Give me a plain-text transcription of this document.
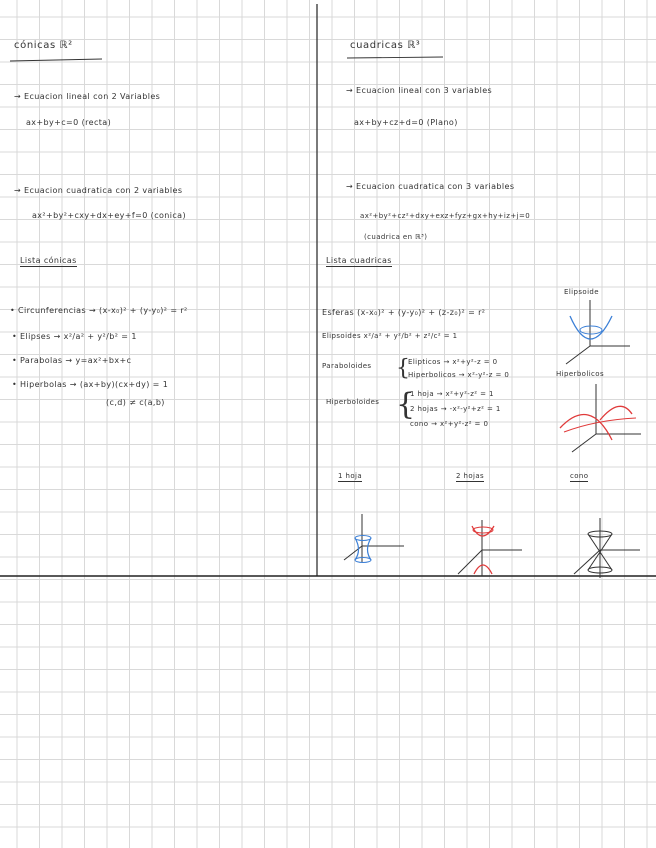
cónicas ℝ²
→ Ecuacion lineal con 2 Variables
ax+by+c=0 (recta)
→ Ecuacion cuadratica con 2 variables
ax²+by²+cxy+dx+ey+f=0 (conica)
Lista cónicas
• Circunferencias → (x-x₀)² + (y-y₀)² = r²
• Elipses → x²/a² + y²/b² = 1
• Parabolas → y=ax²+bx+c
• Hiperbolas → (ax+by)(cx+dy) = 1
(c,d) ≠ c(a,b)
cuadricas ℝ³
→ Ecuacion lineal con 3 variables
ax+by+cz+d=0 (Plano)
→ Ecuacion cuadratica con 3 variables
ax²+by²+cz²+dxy+exz+fyz+gx+hy+iz+j=0
(cuadrica en ℝ³)
Lista cuadricas
Elipsoide
Esferas (x-x₀)² + (y-y₀)² + (z-z₀)² = r²
Elipsoides x²/a² + y²/b² + z²/c² = 1
Paraboloides {
Elipticos → x²+y²-z = 0
Hiperbolicos → x²-y²-z = 0	Hiperbolicos
Hiperboloides {
1 hoja → x²+y²-z² = 1
2 hojas → -x²-y²+z² = 1
cono → x²+y²-z² = 0
1 hoja	2 hojas	cono
